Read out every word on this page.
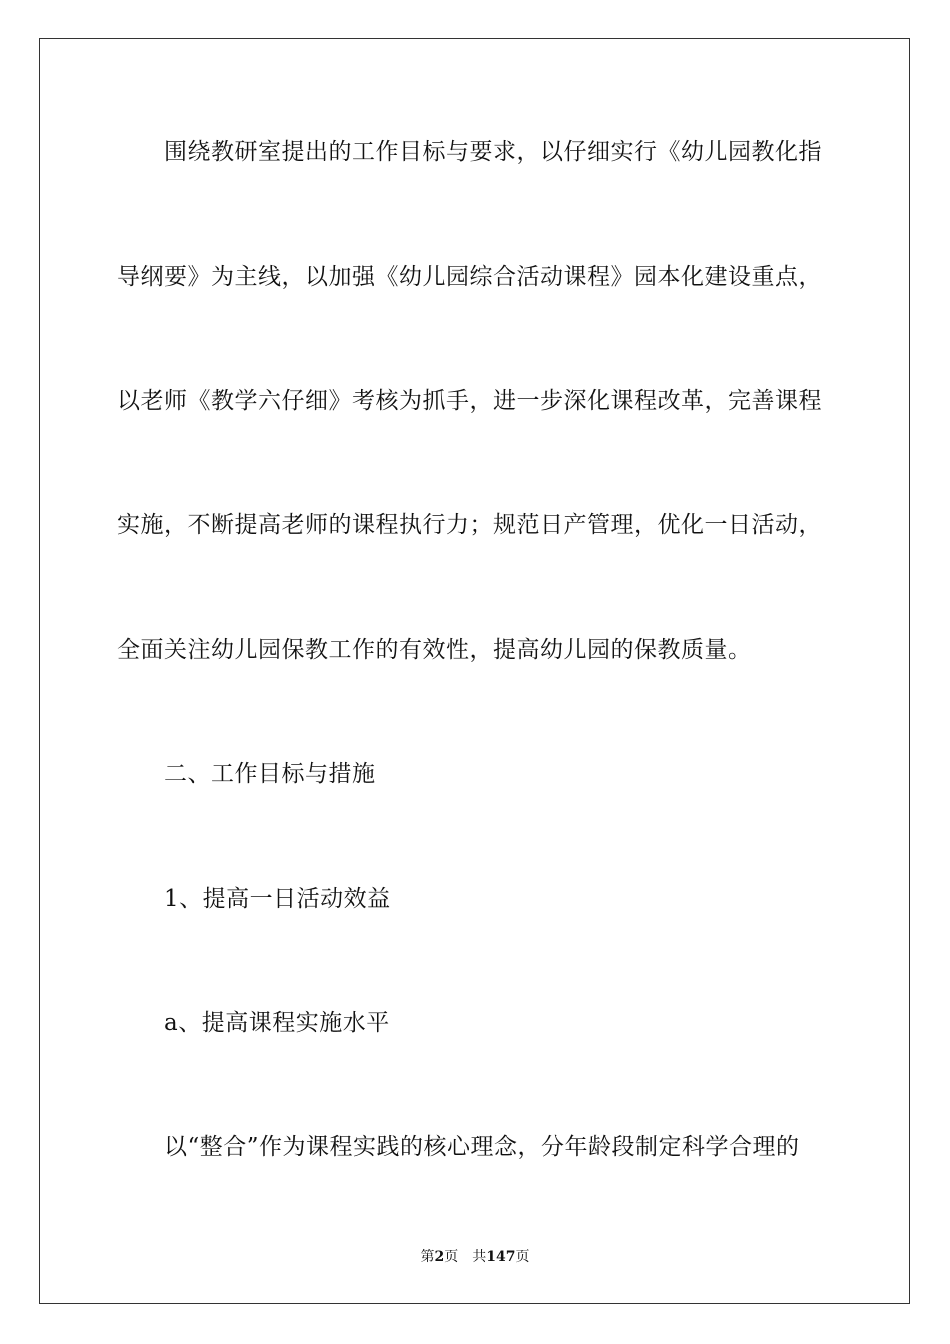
围绕教研室提出的工作目标与要求，以仔细实行《幼儿园教化指
导纲要》为主线，以加强《幼儿园综合活动课程》园本化建设重点，
以老师《教学六仔细》考核为抓手，进一步深化课程改革，完善课程
实施，不断提高老师的课程执行力；规范日产管理，优化一日活动，
全面关注幼儿园保教工作的有效性，提高幼儿园的保教质量。
二、工作目标与措施
1、提高一日活动效益
a、提高课程实施水平
以“整合”作为课程实践的核心理念，分年龄段制定科学合理的
第2页　共147页
